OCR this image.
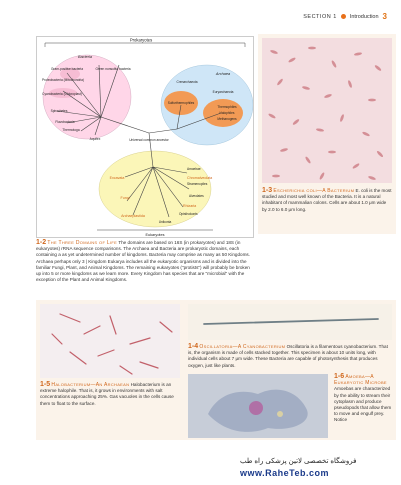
SECTION 1 Introduction 3
Prokaryotes
Bacteria
Gram-positive bacteria	Green nonsulfur bacteria
Proteobacteria (Mitochondria)
Cyanobacteria (Chloroplast)
Spirochetes
Flavobacteria
Thermotoga
Aquifex
Archaea
Crenarchaeota
Euryarchaeota
Sulfurthermophiles
Thermophiles
Halophiles
Methanogens
Universal common ancestor
Amoebae
Excavata	Chromalveolata
Stramenopiles
Fungi	Alveolates
Archaeplastida
Rhizaria
Opisthokonts
Unikonta
Eukaryotes
1-3 Escherichia coli—A Bacterium E. coli is the most studied and most well known of the Bacteria. It is a natural inhabitant of mammalian colons. Cells are about 1.0 μm wide by 2.0 to 6.0 μm long.
1-2 The Three Domains of Life The domains are based on 16S (in prokaryotes) and 18S (in eukaryotes) rRNA sequence comparisons. The Archaea and Bacteria are prokaryotic domains, each containing a as yet undetermined number of kingdoms. Bacteria may comprise as many as 50 Kingdoms. Archaea perhaps only 3 | Kingdom Eukarya includes all the eukaryotic organisms and is divided into the familiar Fungi, Plant, and Animal Kingdoms. The remaining eukaryotes ("protists") will probably be broken up into 5 or more kingdoms as we learn more. Every Kingdom has species that are "microbial" with the exception of the Plant and Animal Kingdoms.
1-4 Oscillatoria—A Cyanobacterium Oscillatoria is a filamentous cyanobacterium. That is, the organism is made of cells stacked together. This specimen is about 10 units long, with individual cells about 7 μm wide. These Bacteria are capable of photosynthesis that produces oxygen, just like plants.
1-5 Halobacterium—An Archaean Halobacterium is an extreme halophile. That is, it grows in environments with salt concentrations approaching 25%. Gas vacuoles in the cells cause them to float to the surface.
1-6 Amoeba—A Eukaryotic Microbe Amoebas are characterized by the ability to stream their cytoplasm and produce pseudopods that allow them to move and engulf prey. Notice
فروشگاه تخصصی لاتین پزشکی راه طب
www.RaheTeb.com
